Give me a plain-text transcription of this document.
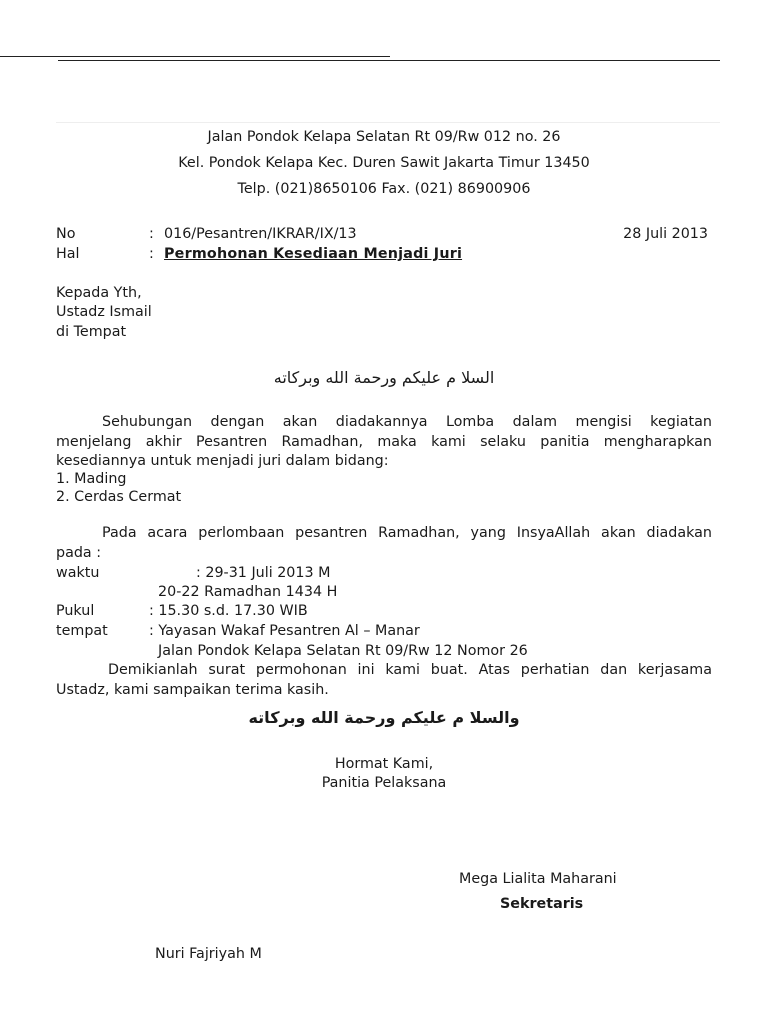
Jalan Pondok Kelapa Selatan Rt 09/Rw 012 no. 26
Kel. Pondok Kelapa Kec. Duren Sawit Jakarta Timur 13450
Telp. (021)8650106 Fax. (021) 86900906
No	: 016/Pesantren/IKRAR/IX/13	28 Juli 2013
Hal	: Permohonan Kesediaan Menjadi Juri
Kepada Yth,
Ustadz Ismail
di Tempat
السلا م عليكم ورحمة الله وبركاته
Sehubungan dengan akan diadakannya Lomba dalam mengisi kegiatan
menjelang akhir Pesantren Ramadhan, maka kami selaku panitia mengharapkan
kesediannya untuk menjadi juri dalam bidang:
1. Mading
2. Cerdas Cermat
Pada acara perlombaan pesantren Ramadhan, yang InsyaAllah akan diadakan
pada :
waktu	: 29-31 Juli 2013 M
20-22 Ramadhan 1434 H
Pukul	: 15.30 s.d. 17.30 WIB
tempat	: Yayasan Wakaf Pesantren Al – Manar
Jalan Pondok Kelapa Selatan Rt 09/Rw 12 Nomor 26
Demikianlah surat permohonan ini kami buat. Atas perhatian dan kerjasama
Ustadz, kami sampaikan terima kasih.
والسلا م عليكم ورحمة الله وبركاته
Hormat Kami,
Panitia Pelaksana
Mega Lialita Maharani
Sekretaris
Nuri Fajriyah M
